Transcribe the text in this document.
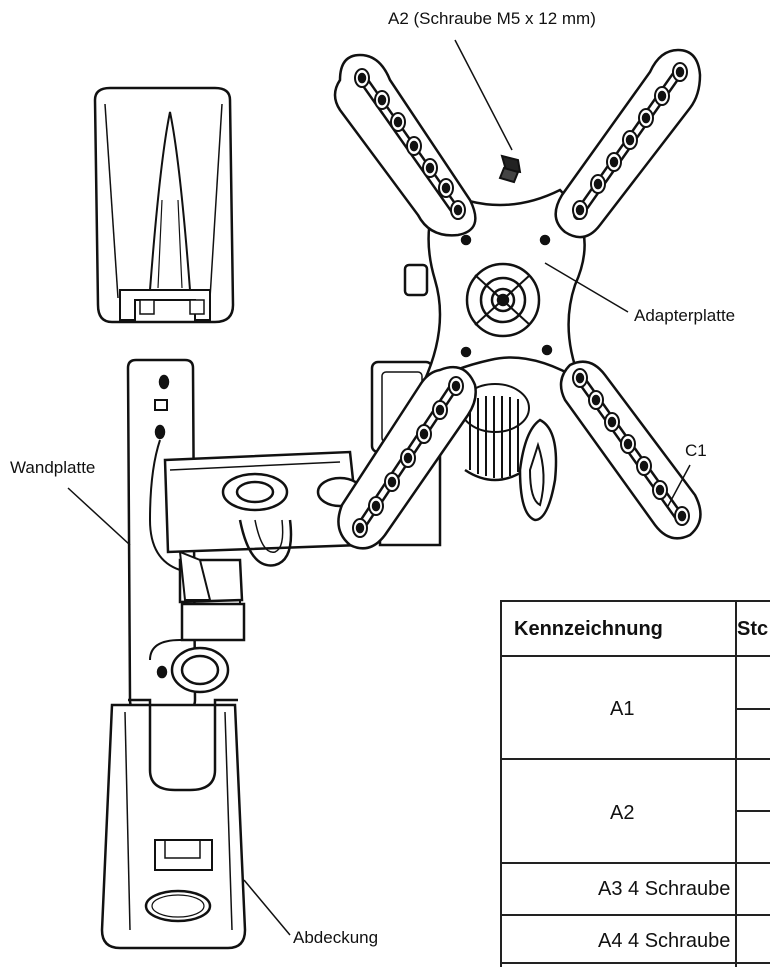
A2 (Schraube M5 x 12 mm)
Adapterplatte
C1
Wandplatte
Abdeckung
Kennzeichnung	Stc
A1
A2
A3 4 Schraube
A4 4 Schraube
